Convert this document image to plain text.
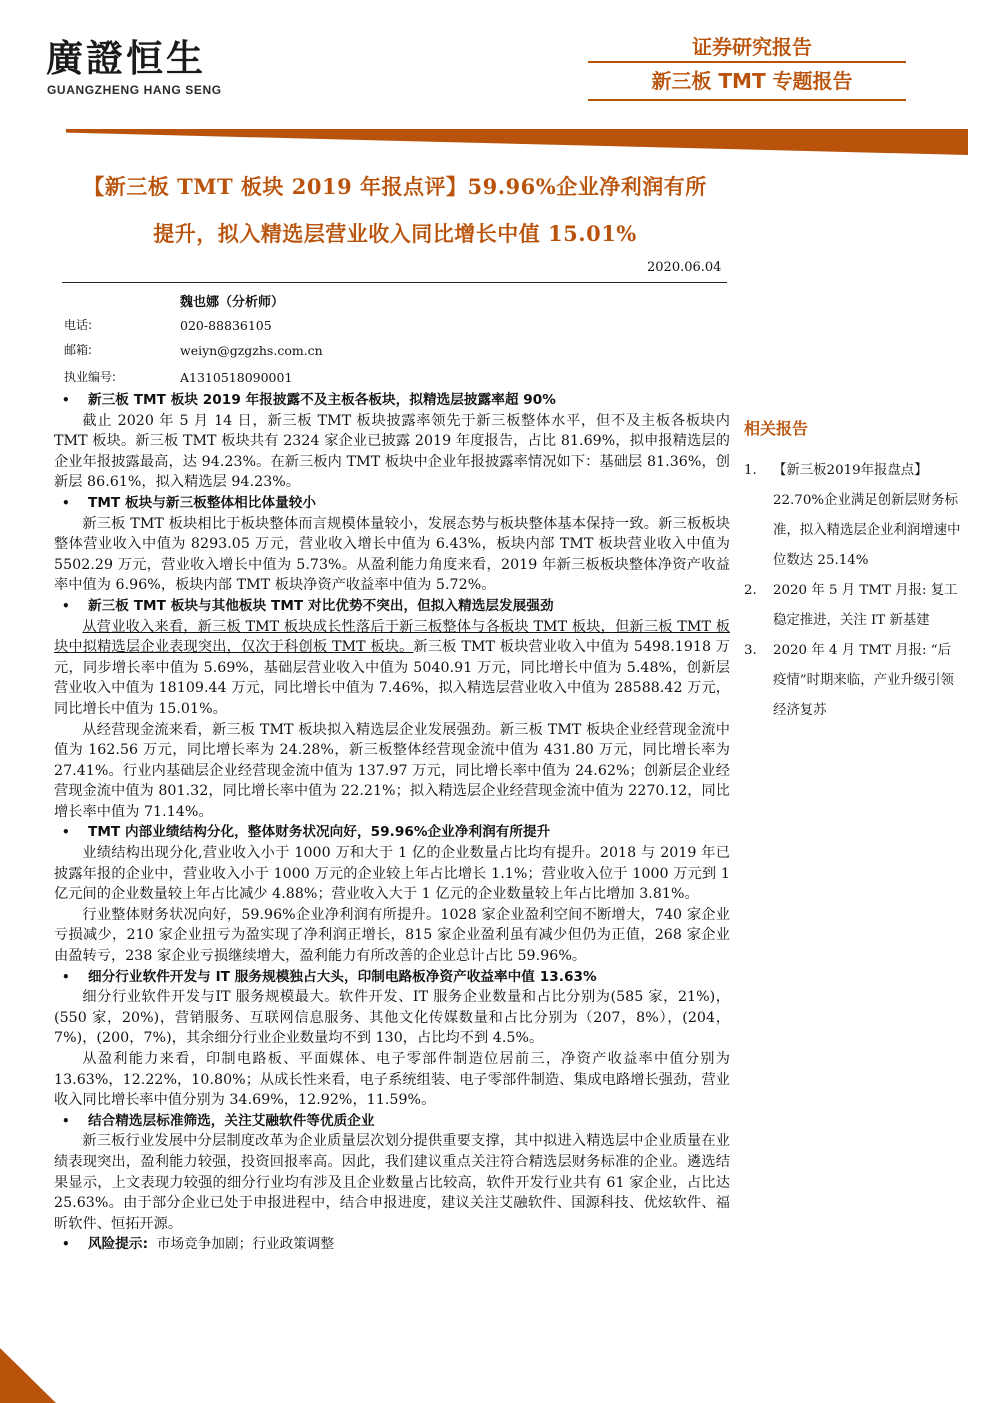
廣證恒生
GUANGZHENG HANG SENG
证券研究报告
新三板 TMT 专题报告
【新三板 TMT 板块 2019 年报点评】59.96%企业净利润有所
提升，拟入精选层营业收入同比增长中值 15.01%
2020.06.04
魏也娜（分析师）
电话:	020-88836105
邮箱:	weiyn@gzgzhs.com.cn
执业编号:	A1310518090001
• 新三板 TMT 板块 2019 年报披露不及主板各板块，拟精选层披露率超 90%

截止 2020 年 5 月 14 日，新三板 TMT 板块披露率领先于新三板整体水平，但不及主板各板块内 TMT 板块。新三板 TMT 板块共有 2324 家企业已披露 2019 年度报告，占比 81.69%，拟申报精选层的企业年报披露最高，达 94.23%。在新三板内 TMT 板块中企业年报披露率情况如下：基础层 81.36%，创新层 86.61%，拟入精选层 94.23%。

• TMT 板块与新三板整体相比体量较小

新三板 TMT 板块相比于板块整体而言规模体量较小，发展态势与板块整体基本保持一致。新三板板块整体营业收入中值为 8293.05 万元，营业收入增长中值为 6.43%，板块内部 TMT 板块营业收入中值为 5502.29 万元，营业收入增长中值为 5.73%。从盈利能力角度来看，2019 年新三板板块整体净资产收益率中值为 6.96%，板块内部 TMT 板块净资产收益率中值为 5.72%。

• 新三板 TMT 板块与其他板块 TMT 对比优势不突出，但拟入精选层发展强劲

从营业收入来看，新三板 TMT 板块成长性落后于新三板整体与各板块 TMT 板块，但新三板 TMT 板块中拟精选层企业表现突出，仅次于科创板 TMT 板块。新三板 TMT 板块营业收入中值为 5498.1918 万元，同步增长率中值为 5.69%，基础层营业收入中值为 5040.91 万元，同比增长中值为 5.48%，创新层营业收入中值为 18109.44 万元，同比增长中值为 7.46%，拟入精选层营业收入中值为 28588.42 万元，同比增长中值为 15.01%。

从经营现金流来看，新三板 TMT 板块拟入精选层企业发展强劲。新三板 TMT 板块企业经营现金流中值为 162.56 万元，同比增长率为 24.28%，新三板整体经营现金流中值为 431.80 万元，同比增长率为 27.41%。行业内基础层企业经营现金流中值为 137.97 万元，同比增长率中值为 24.62%；创新层企业经营现金流中值为 801.32，同比增长率中值为 22.21%；拟入精选层企业经营现金流中值为 2270.12，同比增长率中值为 71.14%。

• TMT 内部业绩结构分化，整体财务状况向好，59.96%企业净利润有所提升

业绩结构出现分化,营业收入小于 1000 万和大于 1 亿的企业数量占比均有提升。2018 与 2019 年已披露年报的企业中，营业收入小于 1000 万元的企业较上年占比增长 1.1%；营业收入位于 1000 万元到 1 亿元间的企业数量较上年占比减少 4.88%；营业收入大于 1 亿元的企业数量较上年占比增加 3.81%。

行业整体财务状况向好，59.96%企业净利润有所提升。1028 家企业盈利空间不断增大，740 家企业亏损减少，210 家企业扭亏为盈实现了净利润正增长，815 家企业盈利虽有减少但仍为正值，268 家企业由盈转亏，238 家企业亏损继续增大，盈利能力有所改善的企业总计占比 59.96%。

• 细分行业软件开发与 IT 服务规模独占大头，印制电路板净资产收益率中值 13.63%

细分行业软件开发与IT 服务规模最大。软件开发、IT 服务企业数量和占比分别为(585 家，21%)，(550 家，20%)，营销服务、互联网信息服务、其他文化传媒数量和占比分别为（207，8%），(204，7%)，(200，7%)，其余细分行业企业数量均不到 130，占比均不到 4.5%。

从盈利能力来看，印制电路板、平面媒体、电子零部件制造位居前三，净资产收益率中值分别为 13.63%，12.22%，10.80%；从成长性来看，电子系统组装、电子零部件制造、集成电路增长强劲，营业收入同比增长率中值分别为 34.69%，12.92%，11.59%。

• 结合精选层标准筛选，关注艾融软件等优质企业

新三板行业发展中分层制度改革为企业质量层次划分提供重要支撑，其中拟进入精选层中企业质量在业绩表现突出，盈利能力较强，投资回报率高。因此，我们建议重点关注符合精选层财务标准的企业。遴选结果显示，上文表现力较强的细分行业均有涉及且企业数量占比较高，软件开发行业共有 61 家企业，占比达 25.63%。由于部分企业已处于申报进程中，结合申报进度，建议关注艾融软件、国源科技、优炫软件、福昕软件、恒拓开源。

• 风险提示: 市场竞争加剧；行业政策调整
相关报告
1. 【新三板2019年报盘点】22.70%企业满足创新层财务标准，拟入精选层企业利润增速中位数达 25.14%
2. 2020 年 5 月 TMT 月报: 复工稳定推进，关注 IT 新基建
3. 2020 年 4 月 TMT 月报: “后疫情”时期来临，产业升级引领经济复苏
